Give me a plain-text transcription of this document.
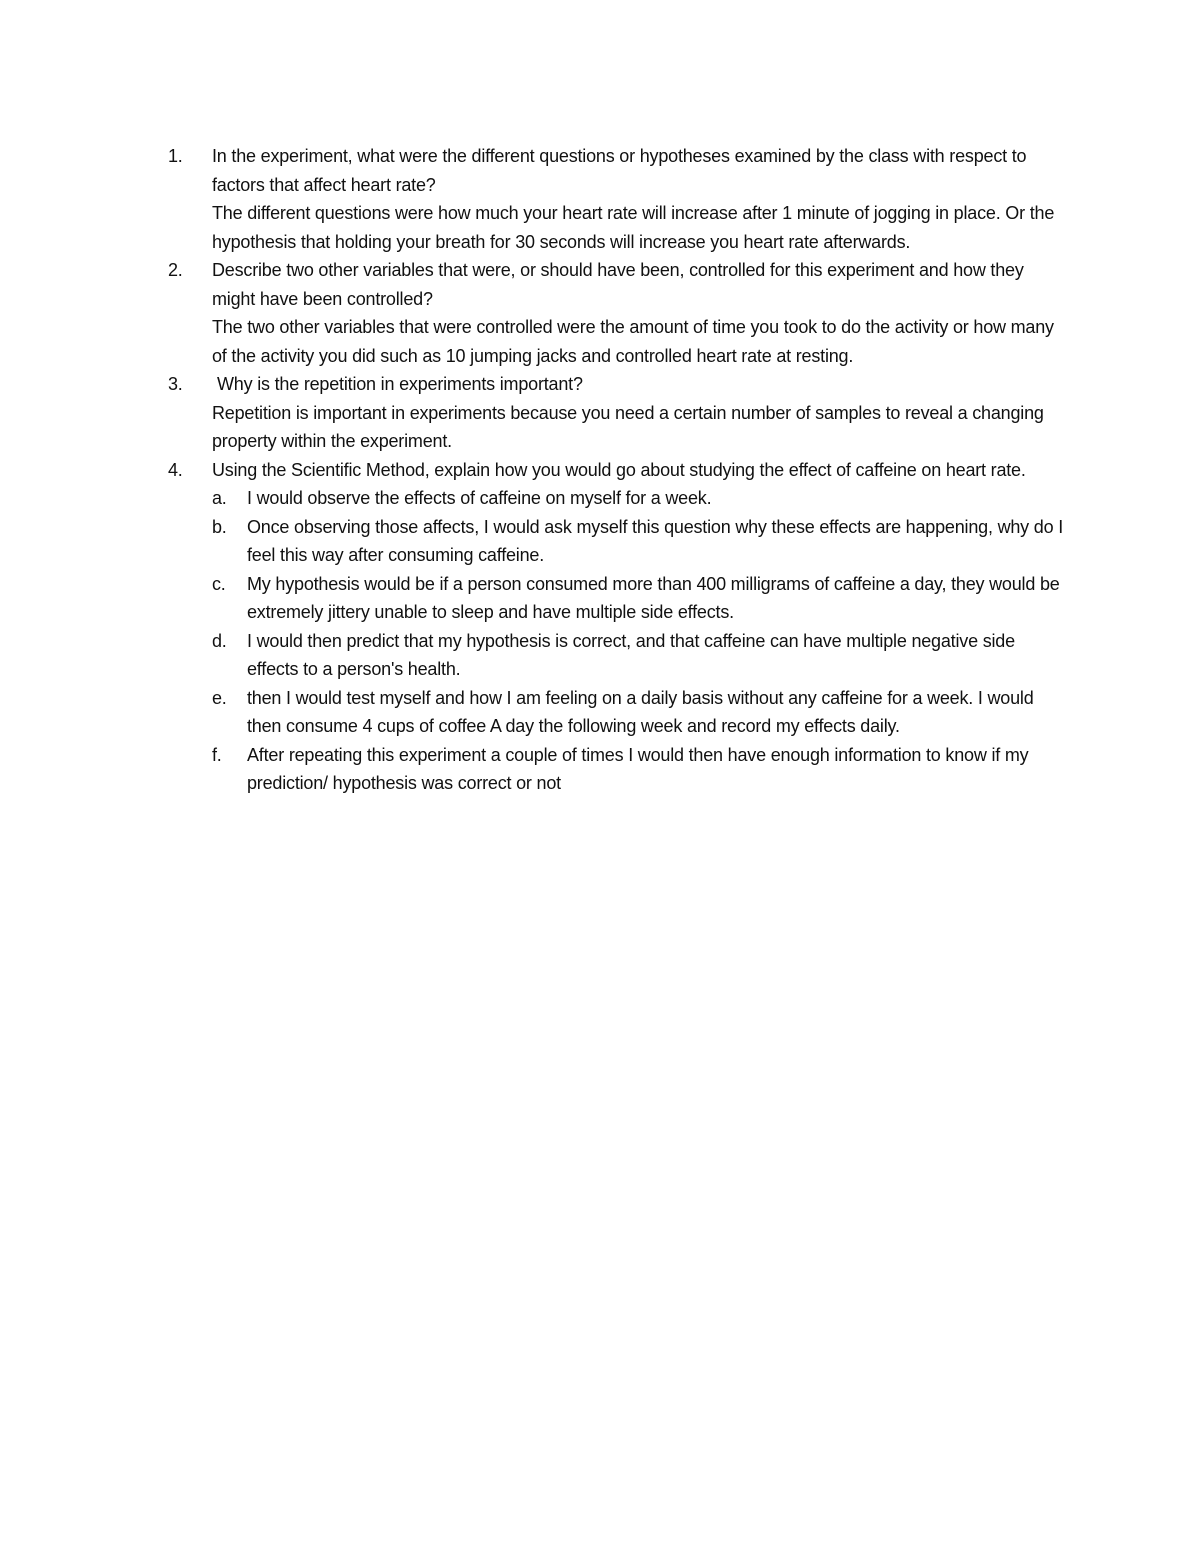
1. In the experiment, what were the different questions or hypotheses examined by the class with respect to factors that affect heart rate?

The different questions were how much your heart rate will increase after 1 minute of jogging in place. Or the hypothesis that holding your breath for 30 seconds will increase you heart rate afterwards.

2. Describe two other variables that were, or should have been, controlled for this experiment and how they might have been controlled?

The two other variables that were controlled were the amount of time you took to do the activity or how many of the activity you did such as 10 jumping jacks and controlled heart rate at resting.

3. Why is the repetition in experiments important?

Repetition is important in experiments because you need a certain number of samples to reveal a changing property within the experiment.

4. Using the Scientific Method, explain how you would go about studying the effect of caffeine on heart rate.

a. I would observe the effects of caffeine on myself for a week.

b. Once observing those affects, I would ask myself this question why these effects are happening, why do I feel this way after consuming caffeine.

c. My hypothesis would be if a person consumed more than 400 milligrams of caffeine a day, they would be extremely jittery unable to sleep and have multiple side effects.

d. I would then predict that my hypothesis is correct, and that caffeine can have multiple negative side effects to a person's health.

e. then I would test myself and how I am feeling on a daily basis without any caffeine for a week. I would then consume 4 cups of coffee A day the following week and record my effects daily.

f. After repeating this experiment a couple of times I would then have enough information to know if my prediction/ hypothesis was correct or not
